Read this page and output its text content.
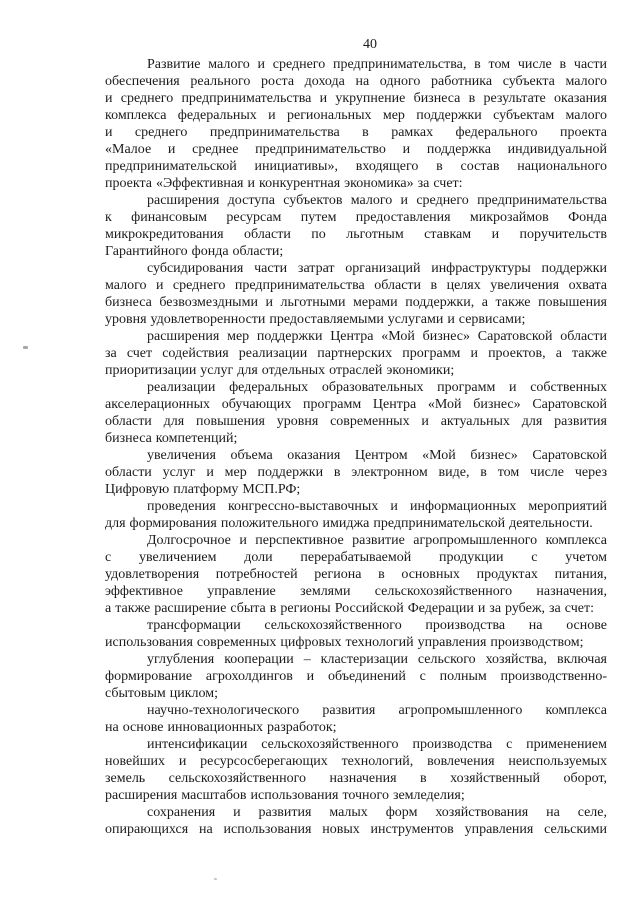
40
Развитие малого и среднего предпринимательства, в том числе в части
обеспечения реального роста дохода на одного работника субъекта малого
и среднего предпринимательства и укрупнение бизнеса в результате оказания
комплекса федеральных и региональных мер поддержки субъектам малого
и среднего предпринимательства в рамках федерального проекта
«Малое и среднее предпринимательство и поддержка индивидуальной
предпринимательской инициативы», входящего в состав национального
проекта «Эффективная и конкурентная экономика» за счет:
расширения доступа субъектов малого и среднего предпринимательства
к финансовым ресурсам путем предоставления микрозаймов Фонда
микрокредитования области по льготным ставкам и поручительств
Гарантийного фонда области;
субсидирования части затрат организаций инфраструктуры поддержки
малого и среднего предпринимательства области в целях увеличения охвата
бизнеса безвозмездными и льготными мерами поддержки, а также повышения
уровня удовлетворенности предоставляемыми услугами и сервисами;
расширения мер поддержки Центра «Мой бизнес» Саратовской области
за счет содействия реализации партнерских программ и проектов, а также
приоритизации услуг для отдельных отраслей экономики;
реализации федеральных образовательных программ и собственных
акселерационных обучающих программ Центра «Мой бизнес» Саратовской
области для повышения уровня современных и актуальных для развития
бизнеса компетенций;
увеличения объема оказания Центром «Мой бизнес» Саратовской
области услуг и мер поддержки в электронном виде, в том числе через
Цифровую платформу МСП.РФ;
проведения конгрессно-выставочных и информационных мероприятий
для формирования положительного имиджа предпринимательской деятельности.
Долгосрочное и перспективное развитие агропромышленного комплекса
с увеличением доли перерабатываемой продукции с учетом
удовлетворения потребностей региона в основных продуктах питания,
эффективное управление землями сельскохозяйственного назначения,
а также расширение сбыта в регионы Российской Федерации и за рубеж, за счет:
трансформации сельскохозяйственного производства на основе
использования современных цифровых технологий управления производством;
углубления кооперации – кластеризации сельского хозяйства, включая
формирование агрохолдингов и объединений с полным производственно-
сбытовым циклом;
научно-технологического развития агропромышленного комплекса
на основе инновационных разработок;
интенсификации сельскохозяйственного производства с применением
новейших и ресурсосберегающих технологий, вовлечения неиспользуемых
земель сельскохозяйственного назначения в хозяйственный оборот,
расширения масштабов использования точного земледелия;
сохранения и развития малых форм хозяйствования на селе,
опирающихся на использования новых инструментов управления сельскими
